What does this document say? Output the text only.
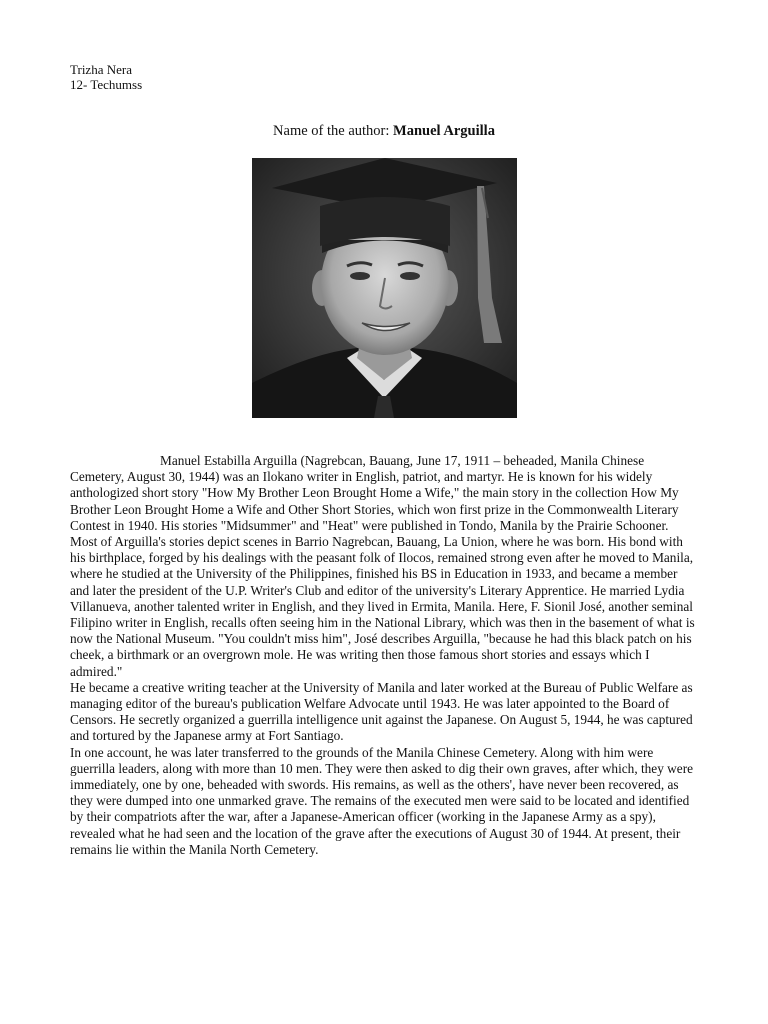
Trizha Nera
12- Techumss
Name of the author: Manuel Arguilla

Manuel Estabilla Arguilla (Nagrebcan, Bauang, June 17, 1911 – beheaded, Manila Chinese Cemetery, August 30, 1944) was an Ilokano writer in English, patriot, and martyr. He is known for his widely anthologized short story "How My Brother Leon Brought Home a Wife," the main story in the collection How My Brother Leon Brought Home a Wife and Other Short Stories, which won first prize in the Commonwealth Literary Contest in 1940. His stories "Midsummer" and "Heat" were published in Tondo, Manila by the Prairie Schooner. Most of Arguilla's stories depict scenes in Barrio Nagrebcan, Bauang, La Union, where he was born. His bond with his birthplace, forged by his dealings with the peasant folk of Ilocos, remained strong even after he moved to Manila, where he studied at the University of the Philippines, finished his BS in Education in 1933, and became a member and later the president of the U.P. Writer's Club and editor of the university's Literary Apprentice. He married Lydia Villanueva, another talented writer in English, and they lived in Ermita, Manila. Here, F. Sionil José, another seminal Filipino writer in English, recalls often seeing him in the National Library, which was then in the basement of what is now the National Museum. "You couldn't miss him", José describes Arguilla, "because he had this black patch on his cheek, a birthmark or an overgrown mole. He was writing then those famous short stories and essays which I admired."

He became a creative writing teacher at the University of Manila and later worked at the Bureau of Public Welfare as managing editor of the bureau's publication Welfare Advocate until 1943. He was later appointed to the Board of Censors. He secretly organized a guerrilla intelligence unit against the Japanese. On August 5, 1944, he was captured and tortured by the Japanese army at Fort Santiago.

In one account, he was later transferred to the grounds of the Manila Chinese Cemetery. Along with him were guerrilla leaders, along with more than 10 men. They were then asked to dig their own graves, after which, they were immediately, one by one, beheaded with swords. His remains, as well as the others', have never been recovered, as they were dumped into one unmarked grave. The remains of the executed men were said to be located and identified by their compatriots after the war, after a Japanese-American officer (working in the Japanese Army as a spy), revealed what he had seen and the location of the grave after the executions of August 30 of 1944. At present, their remains lie within the Manila North Cemetery.
